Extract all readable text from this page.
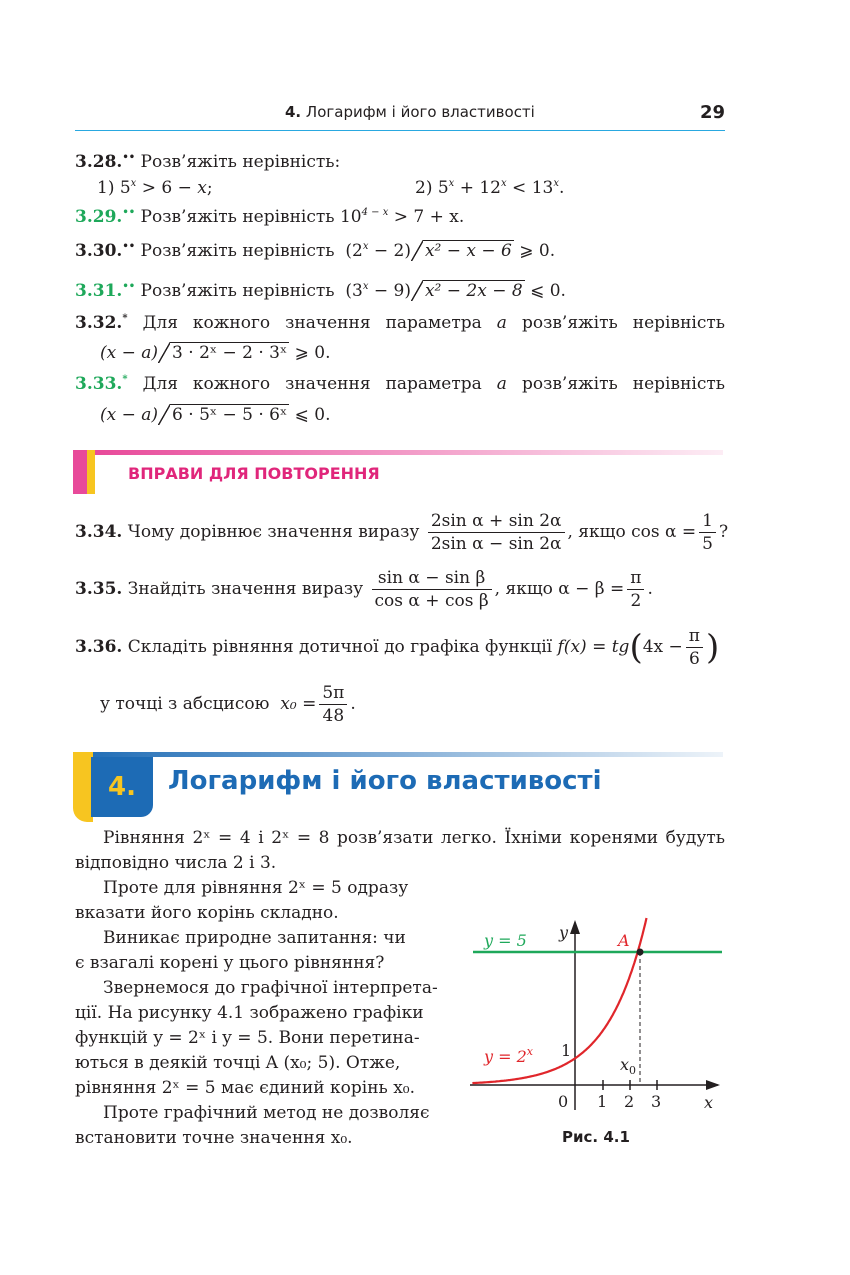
4. Логарифм і його властивості	29
3.28.•• Розв’яжіть нерівність:
1) $5^x > 6 - x$;	2) $5^x + 12^x < 13^x$.
3.29.•• Розв’яжіть нерівність $10^{4 - x} > 7 + x$.
3.30.•• Розв’яжіть нерівність $(2^x - 2) x^2 - x - 6$ ⩾ 0.
3.31.•• Розв’яжіть нерівність $(3^x - 9) x^2 - 2x - 8$ ⩽ 0.
3.32.* Для кожного значення параметра a розв’яжіть нерівність
(x − a) 3 · 2ˣ − 2 · 3ˣ ⩾ 0.
3.33.* Для кожного значення параметра a розв’яжіть нерівність
(x − a) 6 · 5ˣ − 5 · 6ˣ ⩽ 0.
ВПРАВИ ДЛЯ ПОВТОРЕННЯ
3.34. Чому дорівнює значення виразу $\frac{\text{2sin α + sin 2α}}{\text{2sin α − sin 2α}}$ , якщо $\cos \alpha = \frac{1}{5}$ ?
3.35. Знайдіть значення виразу $\frac{\text{sin α − sin β}}{\text{cos α + cos β}}$ , якщо $\alpha - \beta = \frac{\pi}{2}$ .
3.36. Складіть рівняння дотичної до графіка функції $f(x) = tg(4x - \frac{\pi}{6}$ )
у точці з абсцисою $x_0 = \frac{5\pi}{48}$ .
4.	Логарифм і його властивості
Рівняння 2ˣ = 4 і 2ˣ = 8 розв’язати легко. Їхніми коренями будуть
відповідно числа 2 і 3.
Проте для рівняння 2ˣ = 5 одразу
вказати його корінь складно.
Виникає природне запитання: чи
є взагалі корені у цього рівняння?
Звернемося до графічної інтерпрета-
ції. На рисунку 4.1 зображено графіки
функцій y = 2ˣ і y = 5. Вони перетина-
ються в деякій точці A (x₀; 5). Отже,
рівняння 2ˣ = 5 має єдиний корінь x₀.
Проте графічний метод не дозволяє
встановити точне значення x₀.
y = 5
$y = 2^x$
y
x
A
0 1 2 3
1
$x_0$
Рис. 4.1
